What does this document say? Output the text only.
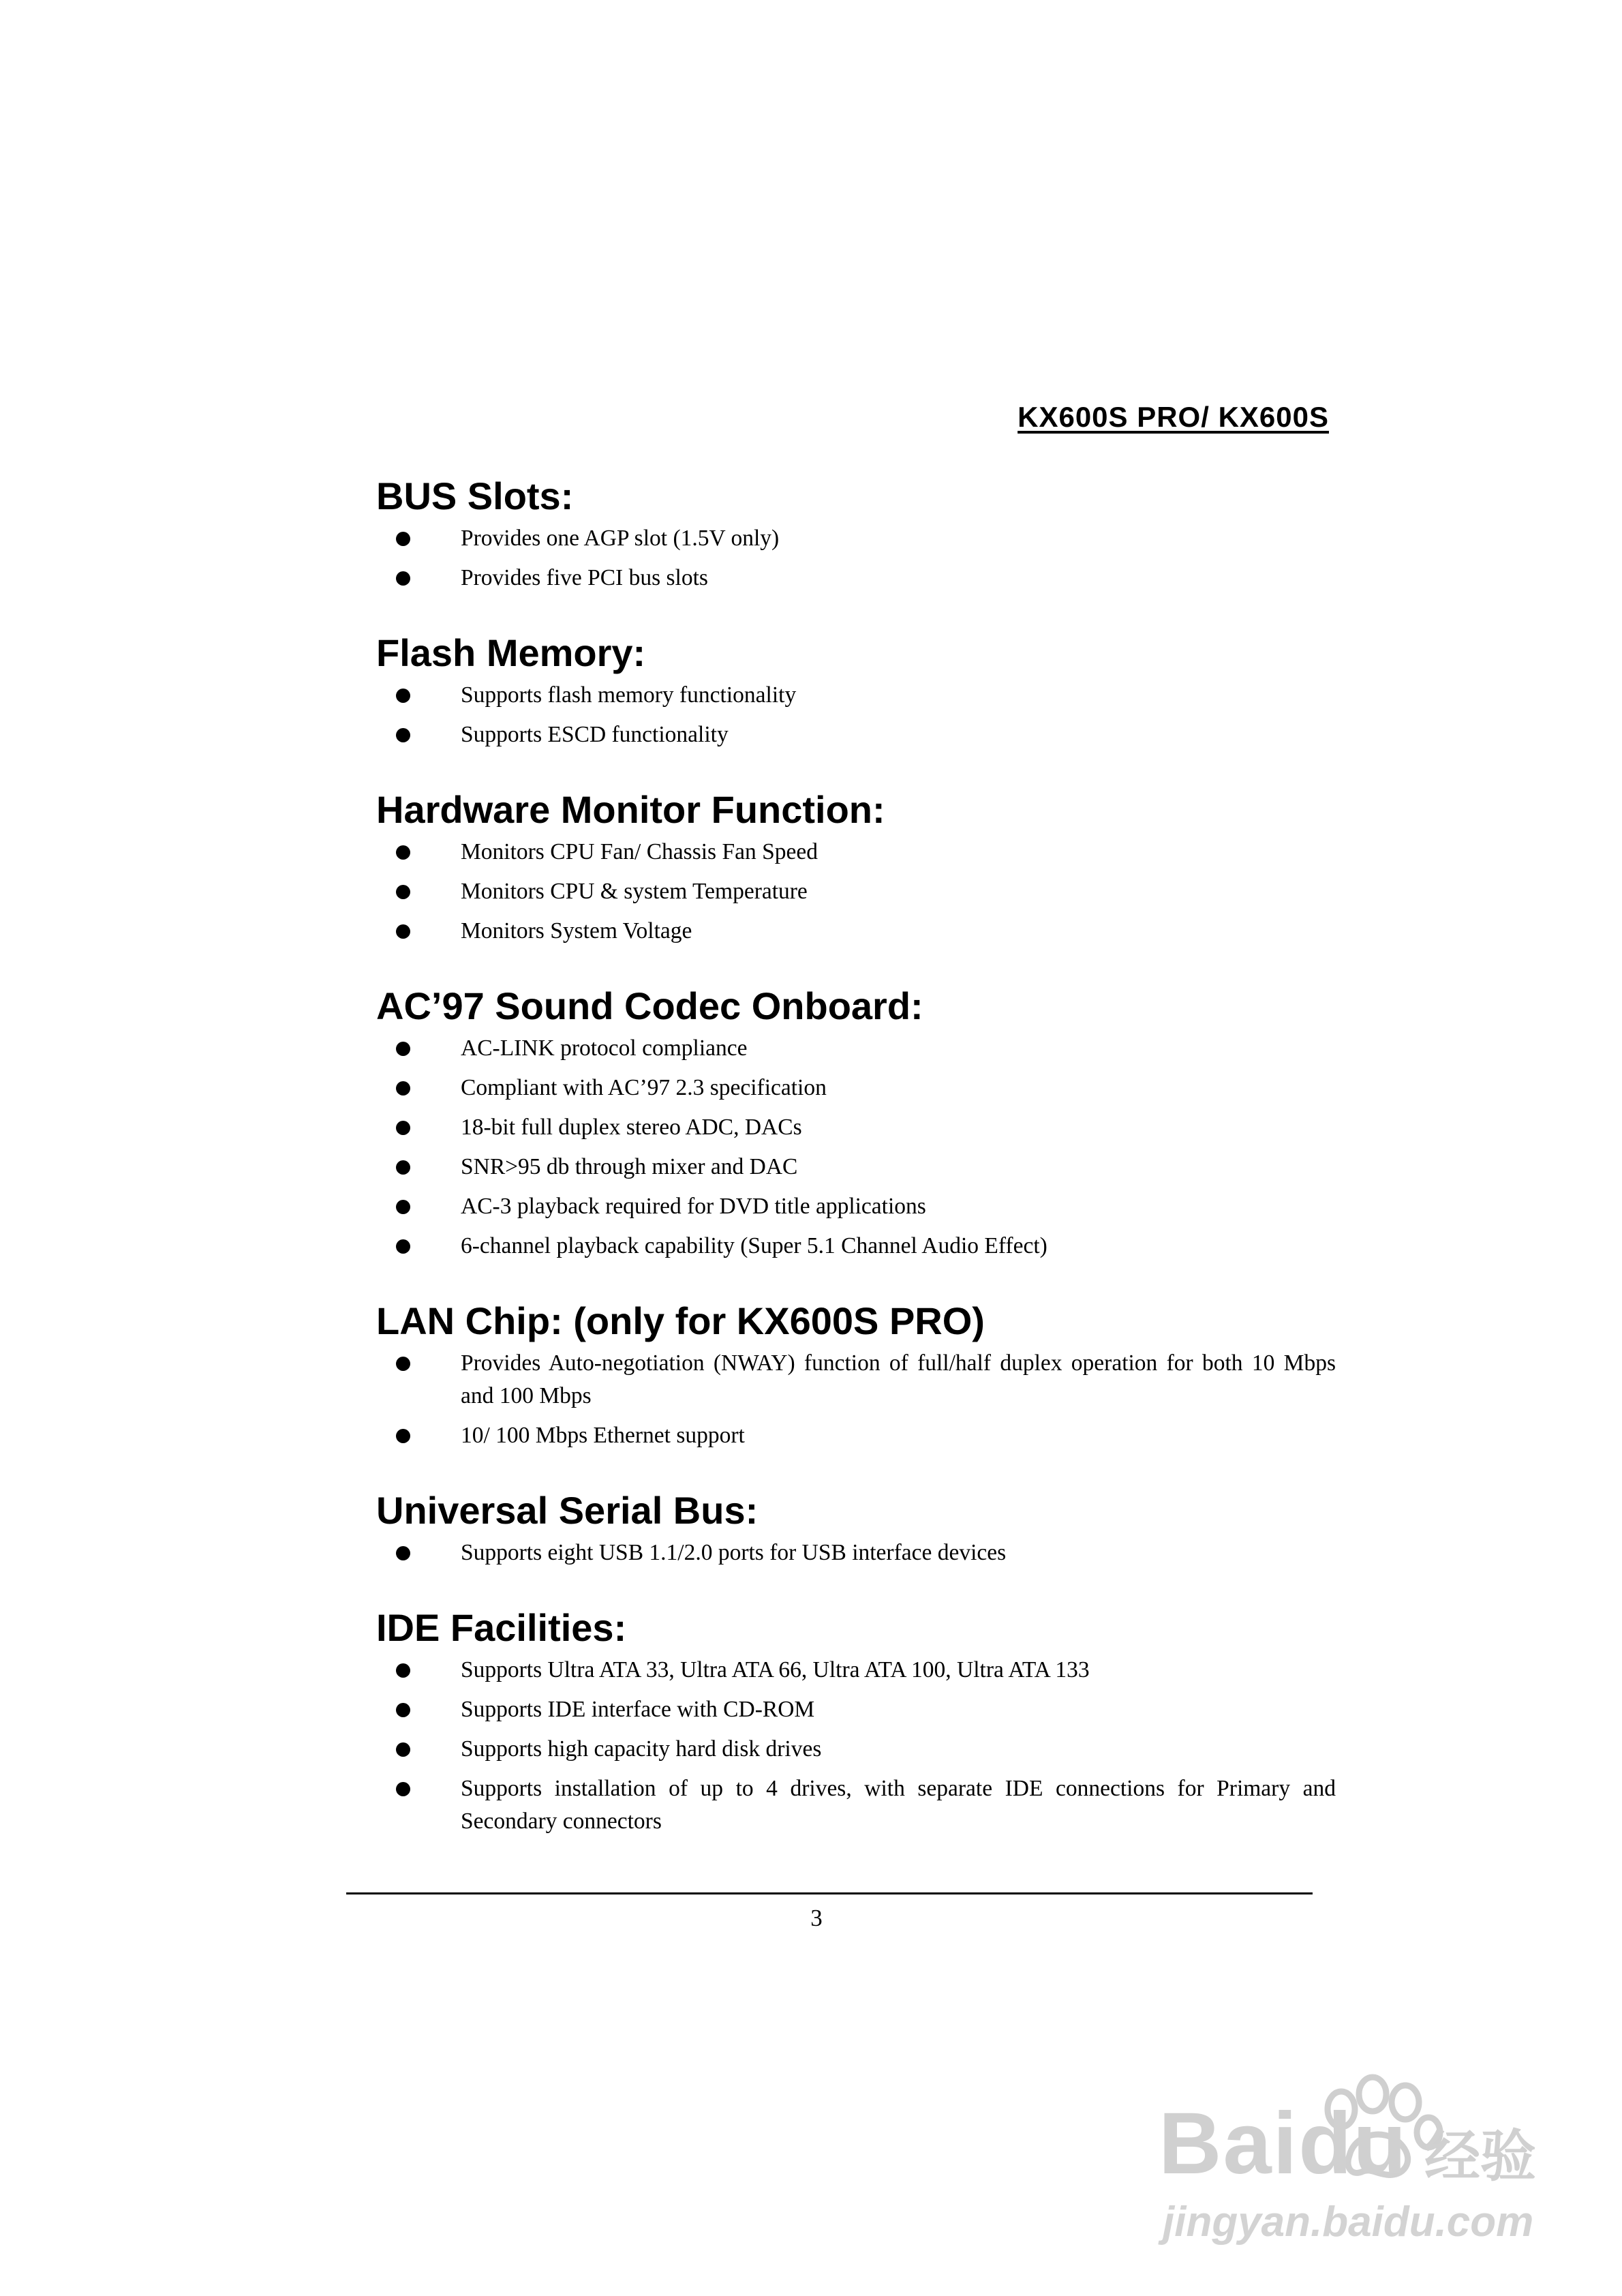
KX600S PRO/ KX600S
BUS Slots:
Provides one AGP slot (1.5V only)
Provides five PCI bus slots
Flash Memory:
Supports flash memory functionality
Supports ESCD functionality
Hardware Monitor Function:
Monitors CPU Fan/ Chassis Fan Speed
Monitors CPU & system Temperature
Monitors System Voltage
AC’97 Sound Codec Onboard:
AC-LINK protocol compliance
Compliant with AC’97 2.3 specification
18-bit full duplex stereo ADC, DACs
SNR>95 db through mixer and DAC
AC-3 playback required for DVD title applications
6-channel playback capability (Super 5.1 Channel Audio Effect)
LAN Chip: (only for KX600S PRO)
Provides Auto-negotiation (NWAY) function of full/half duplex operation for both 10 Mbps and 100 Mbps
10/ 100 Mbps Ethernet support
Universal Serial Bus:
Supports eight USB 1.1/2.0 ports for USB interface devices
IDE Facilities:
Supports Ultra ATA 33, Ultra ATA 66, Ultra ATA 100, Ultra ATA 133
Supports IDE interface with CD-ROM
Supports high capacity hard disk drives
Supports installation of up to 4 drives, with separate IDE connections for Primary and Secondary connectors
3
Baidu 经验
jingyan.baidu.com
